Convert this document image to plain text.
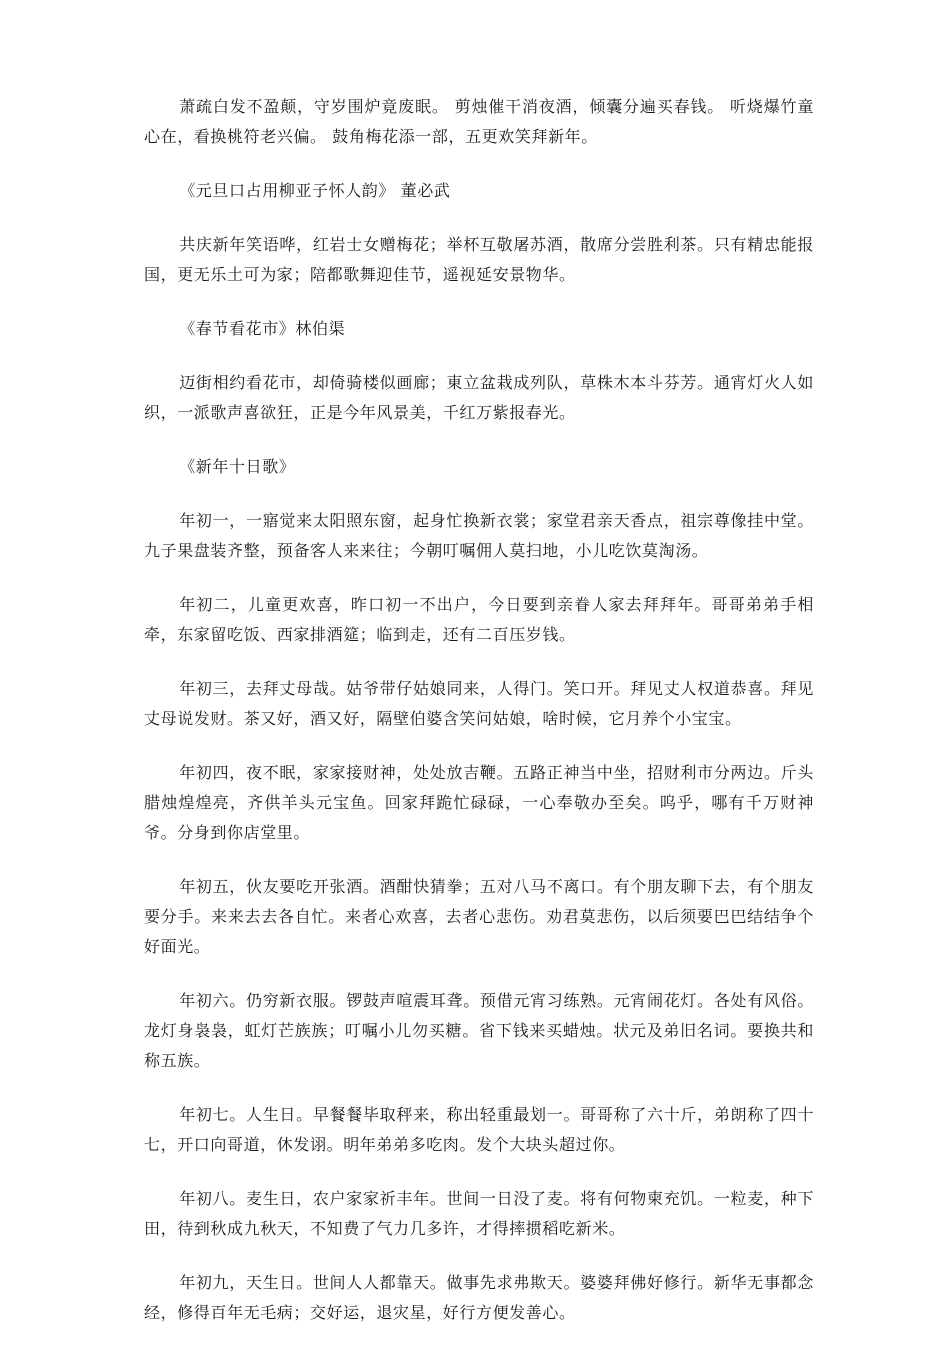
萧疏白发不盈颠，守岁围炉竟废眠。 剪烛催干消夜酒，倾囊分遍买春钱。 听烧爆竹童心在，看换桃符老兴偏。 鼓角梅花添一部，五更欢笑拜新年。

《元旦口占用柳亚子怀人韵》 董必武

共庆新年笑语哗，红岩士女赠梅花；举杯互敬屠苏酒，散席分尝胜利茶。只有精忠能报国，更无乐土可为家；陪都歌舞迎佳节，遥视延安景物华。

《春节看花市》林伯渠

迈街相约看花市，却倚骑楼似画廊；東立盆栽成列队，草株木本斗芬芳。通宵灯火人如织，一派歌声喜欲狂，正是今年风景美，千红万紫报春光。

《新年十日歌》

年初一，一寤觉来太阳照东窗，起身忙换新衣裳；家堂君亲天香点，祖宗尊像挂中堂。九子果盘装齐整，预备客人来来往；今朝叮嘱佣人莫扫地，小儿吃饮莫淘汤。

年初二，儿童更欢喜，昨口初一不出户，今日要到亲眷人家去拜拜年。哥哥弟弟手相牵，东家留吃饭、西家排酒筵；临到走，还有二百压岁钱。

年初三，去拜丈母哉。姑爷带仔姑娘同来，人得门。笑口开。拜见丈人权道恭喜。拜见丈母说发财。茶又好，酒又好，隔壁伯婆含笑问姑娘，啥时候，它月养个小宝宝。

年初四，夜不眠，家家接财神，处处放吉鞭。五路正神当中坐，招财利市分两边。斤头腊烛煌煌亮，齐供羊头元宝鱼。回家拜跪忙碌碌，一心奉敬办至矣。呜乎，哪有千万财神爷。分身到你店堂里。

年初五，伙友要吃开张酒。酒酣快猜拳；五对八马不离口。有个朋友聊下去，有个朋友要分手。来来去去各自忙。来者心欢喜，去者心悲伤。劝君莫悲伤，以后须要巴巴结结争个好面光。

年初六。仍穷新衣服。锣鼓声喧震耳聋。预借元宵习练熟。元宵闹花灯。各处有风俗。龙灯身袅袅，虹灯芒族族；叮嘱小儿勿买糖。省下钱来买蜡烛。状元及弟旧名词。要换共和称五族。

年初七。人生日。早餐餐毕取秤来，称出轻重最划一。哥哥称了六十斤，弟朗称了四十七，开口向哥道，休发诩。明年弟弟多吃肉。发个大块头超过你。

年初八。麦生日，农户家家祈丰年。世间一日没了麦。将有何物柬充饥。一粒麦，种下田，待到秋成九秋天，不知费了气力几多许，才得摔掼稻吃新米。

年初九，天生日。世间人人都靠天。做事先求弗欺天。婆婆拜佛好修行。新华无事都念经，修得百年无毛病；交好运，退灾星，好行方便发善心。
